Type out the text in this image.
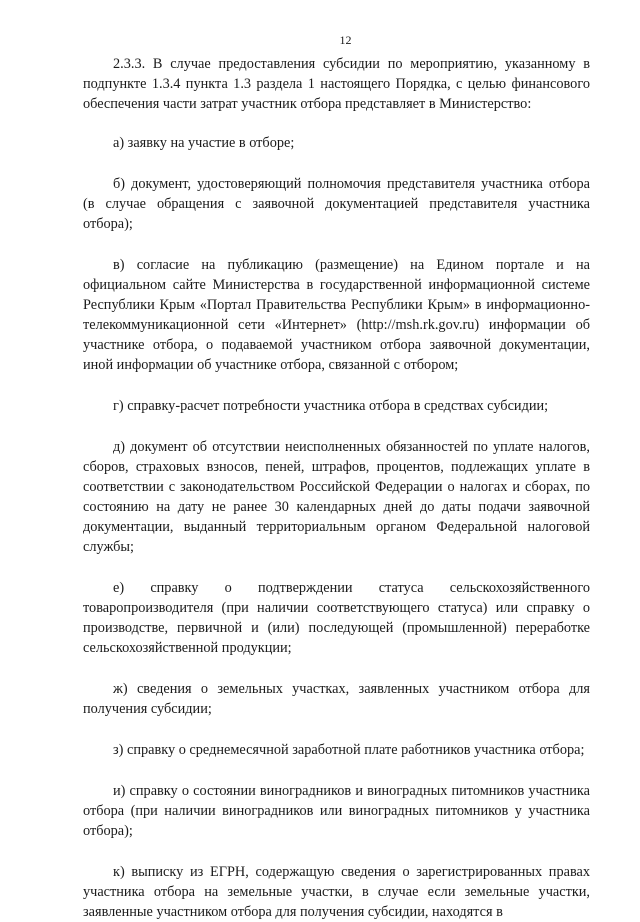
12

2.3.3. В случае предоставления субсидии по мероприятию, указанному в подпункте 1.3.4 пункта 1.3 раздела 1 настоящего Порядка, с целью финансового обеспечения части затрат участник отбора представляет в Министерство:

а) заявку на участие в отборе;

б) документ, удостоверяющий полномочия представителя участника отбора (в случае обращения с заявочной документацией представителя участника отбора);

в) согласие на публикацию (размещение) на Едином портале и на официальном сайте Министерства в государственной информационной системе Республики Крым «Портал Правительства Республики Крым» в информационно-телекоммуникационной сети «Интернет» (http://msh.rk.gov.ru) информации об участнике отбора, о подаваемой участником отбора заявочной документации, иной информации об участнике отбора, связанной с отбором;

г) справку-расчет потребности участника отбора в средствах субсидии;

д) документ об отсутствии неисполненных обязанностей по уплате налогов, сборов, страховых взносов, пеней, штрафов, процентов, подлежащих уплате в соответствии с законодательством Российской Федерации о налогах и сборах, по состоянию на дату не ранее 30 календарных дней до даты подачи заявочной документации, выданный территориальным органом Федеральной налоговой службы;

е) справку о подтверждении статуса сельскохозяйственного товаропроизводителя (при наличии соответствующего статуса) или справку о производстве, первичной и (или) последующей (промышленной) переработке сельскохозяйственной продукции;

ж) сведения о земельных участках, заявленных участником отбора для получения субсидии;

з) справку о среднемесячной заработной плате работников участника отбора;

и) справку о состоянии виноградников и виноградных питомников участника отбора (при наличии виноградников или виноградных питомников у участника отбора);

к) выписку из ЕГРН, содержащую сведения о зарегистрированных правах участника отбора на земельные участки, в случае если земельные участки, заявленные участником отбора для получения субсидии, находятся в
